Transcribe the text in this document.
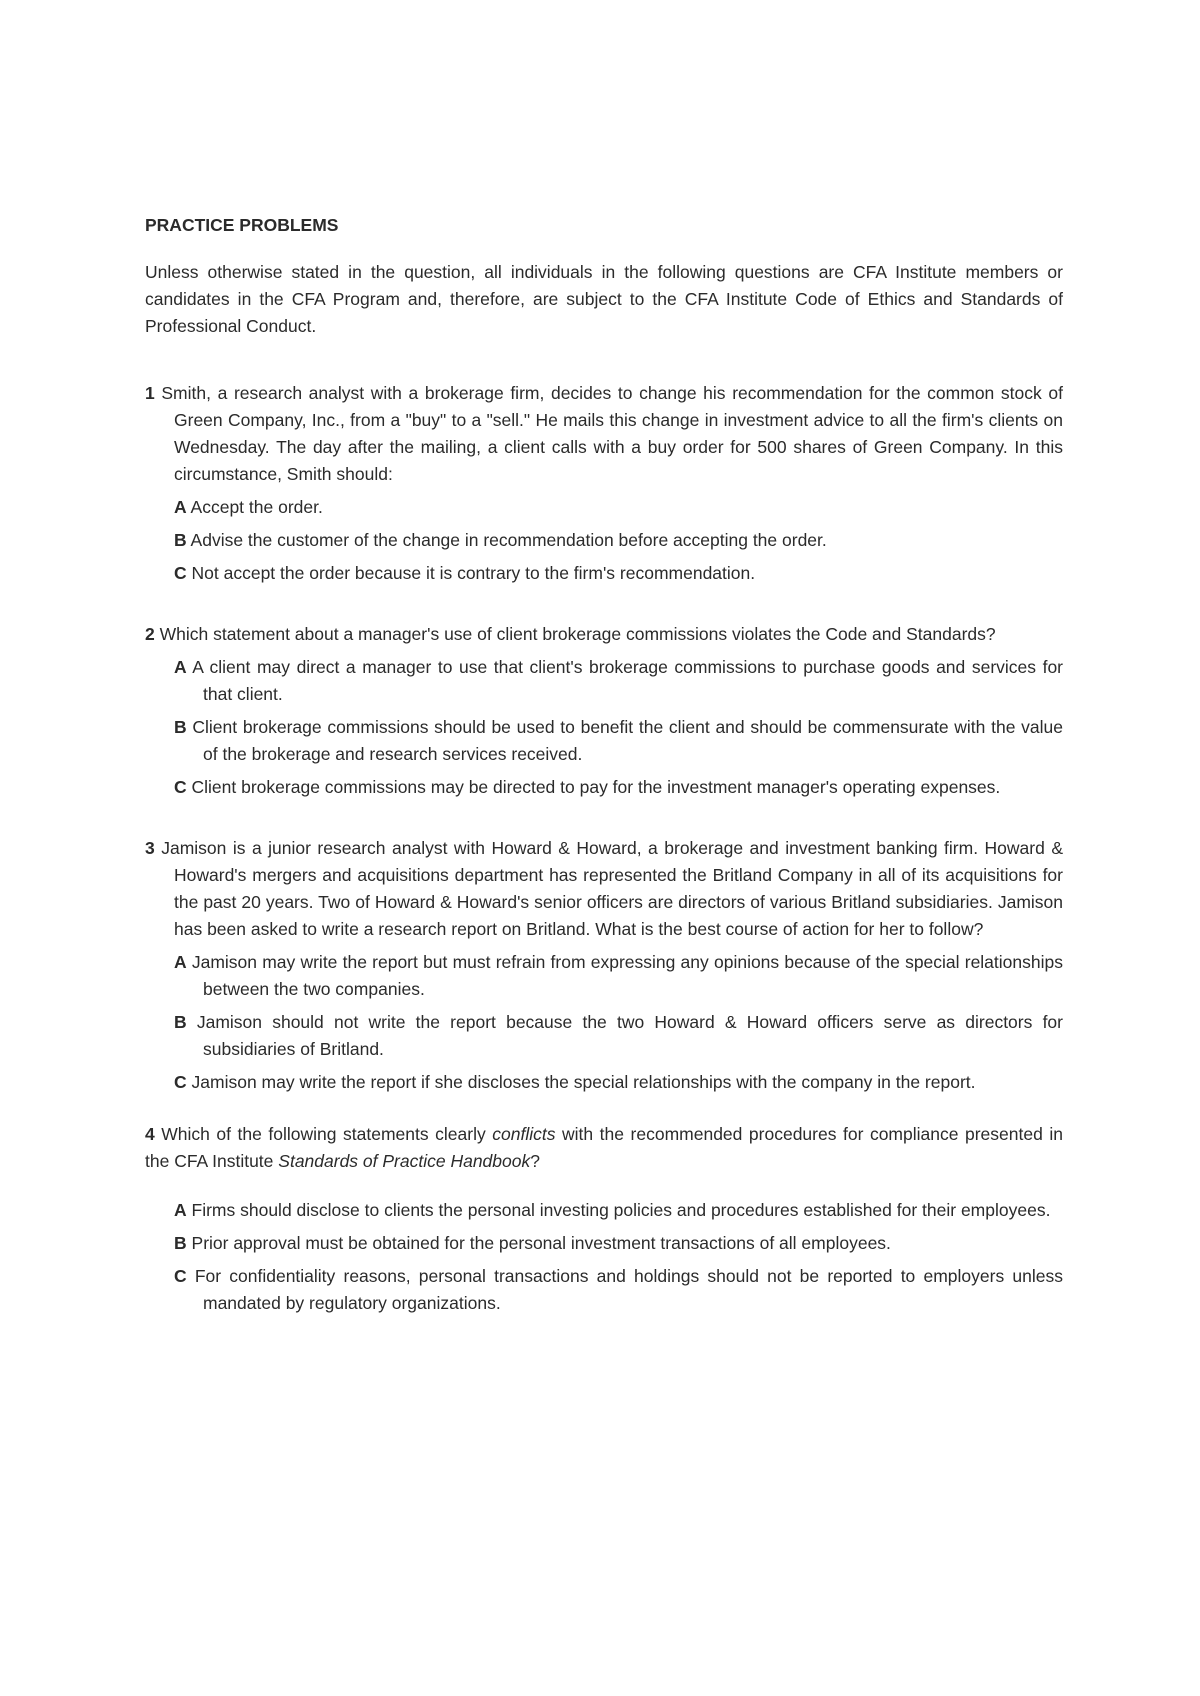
PRACTICE PROBLEMS

Unless otherwise stated in the question, all individuals in the following questions are CFA Institute members or candidates in the CFA Program and, therefore, are subject to the CFA Institute Code of Ethics and Standards of Professional Conduct.

1 Smith, a research analyst with a brokerage firm, decides to change his recommendation for the common stock of Green Company, Inc., from a "buy" to a "sell." He mails this change in investment advice to all the firm's clients on Wednesday. The day after the mailing, a client calls with a buy order for 500 shares of Green Company. In this circumstance, Smith should:

A Accept the order.
B Advise the customer of the change in recommendation before accepting the order.
C Not accept the order because it is contrary to the firm's recommendation.

2 Which statement about a manager's use of client brokerage commissions violates the Code and Standards?

A A client may direct a manager to use that client's brokerage commissions to purchase goods and services for that client.
B Client brokerage commissions should be used to benefit the client and should be commensurate with the value of the brokerage and research services received.
C Client brokerage commissions may be directed to pay for the investment manager's operating expenses.

3 Jamison is a junior research analyst with Howard & Howard, a brokerage and investment banking firm. Howard & Howard's mergers and acquisitions department has represented the Britland Company in all of its acquisitions for the past 20 years. Two of Howard & Howard's senior officers are directors of various Britland subsidiaries. Jamison has been asked to write a research report on Britland. What is the best course of action for her to follow?

A Jamison may write the report but must refrain from expressing any opinions because of the special relationships between the two companies.
B Jamison should not write the report because the two Howard & Howard officers serve as directors for subsidiaries of Britland.
C Jamison may write the report if she discloses the special relationships with the company in the report.

4 Which of the following statements clearly conflicts with the recommended procedures for compliance presented in the CFA Institute Standards of Practice Handbook?

A Firms should disclose to clients the personal investing policies and procedures established for their employees.
B Prior approval must be obtained for the personal investment transactions of all employees.
C For confidentiality reasons, personal transactions and holdings should not be reported to employers unless mandated by regulatory organizations.
